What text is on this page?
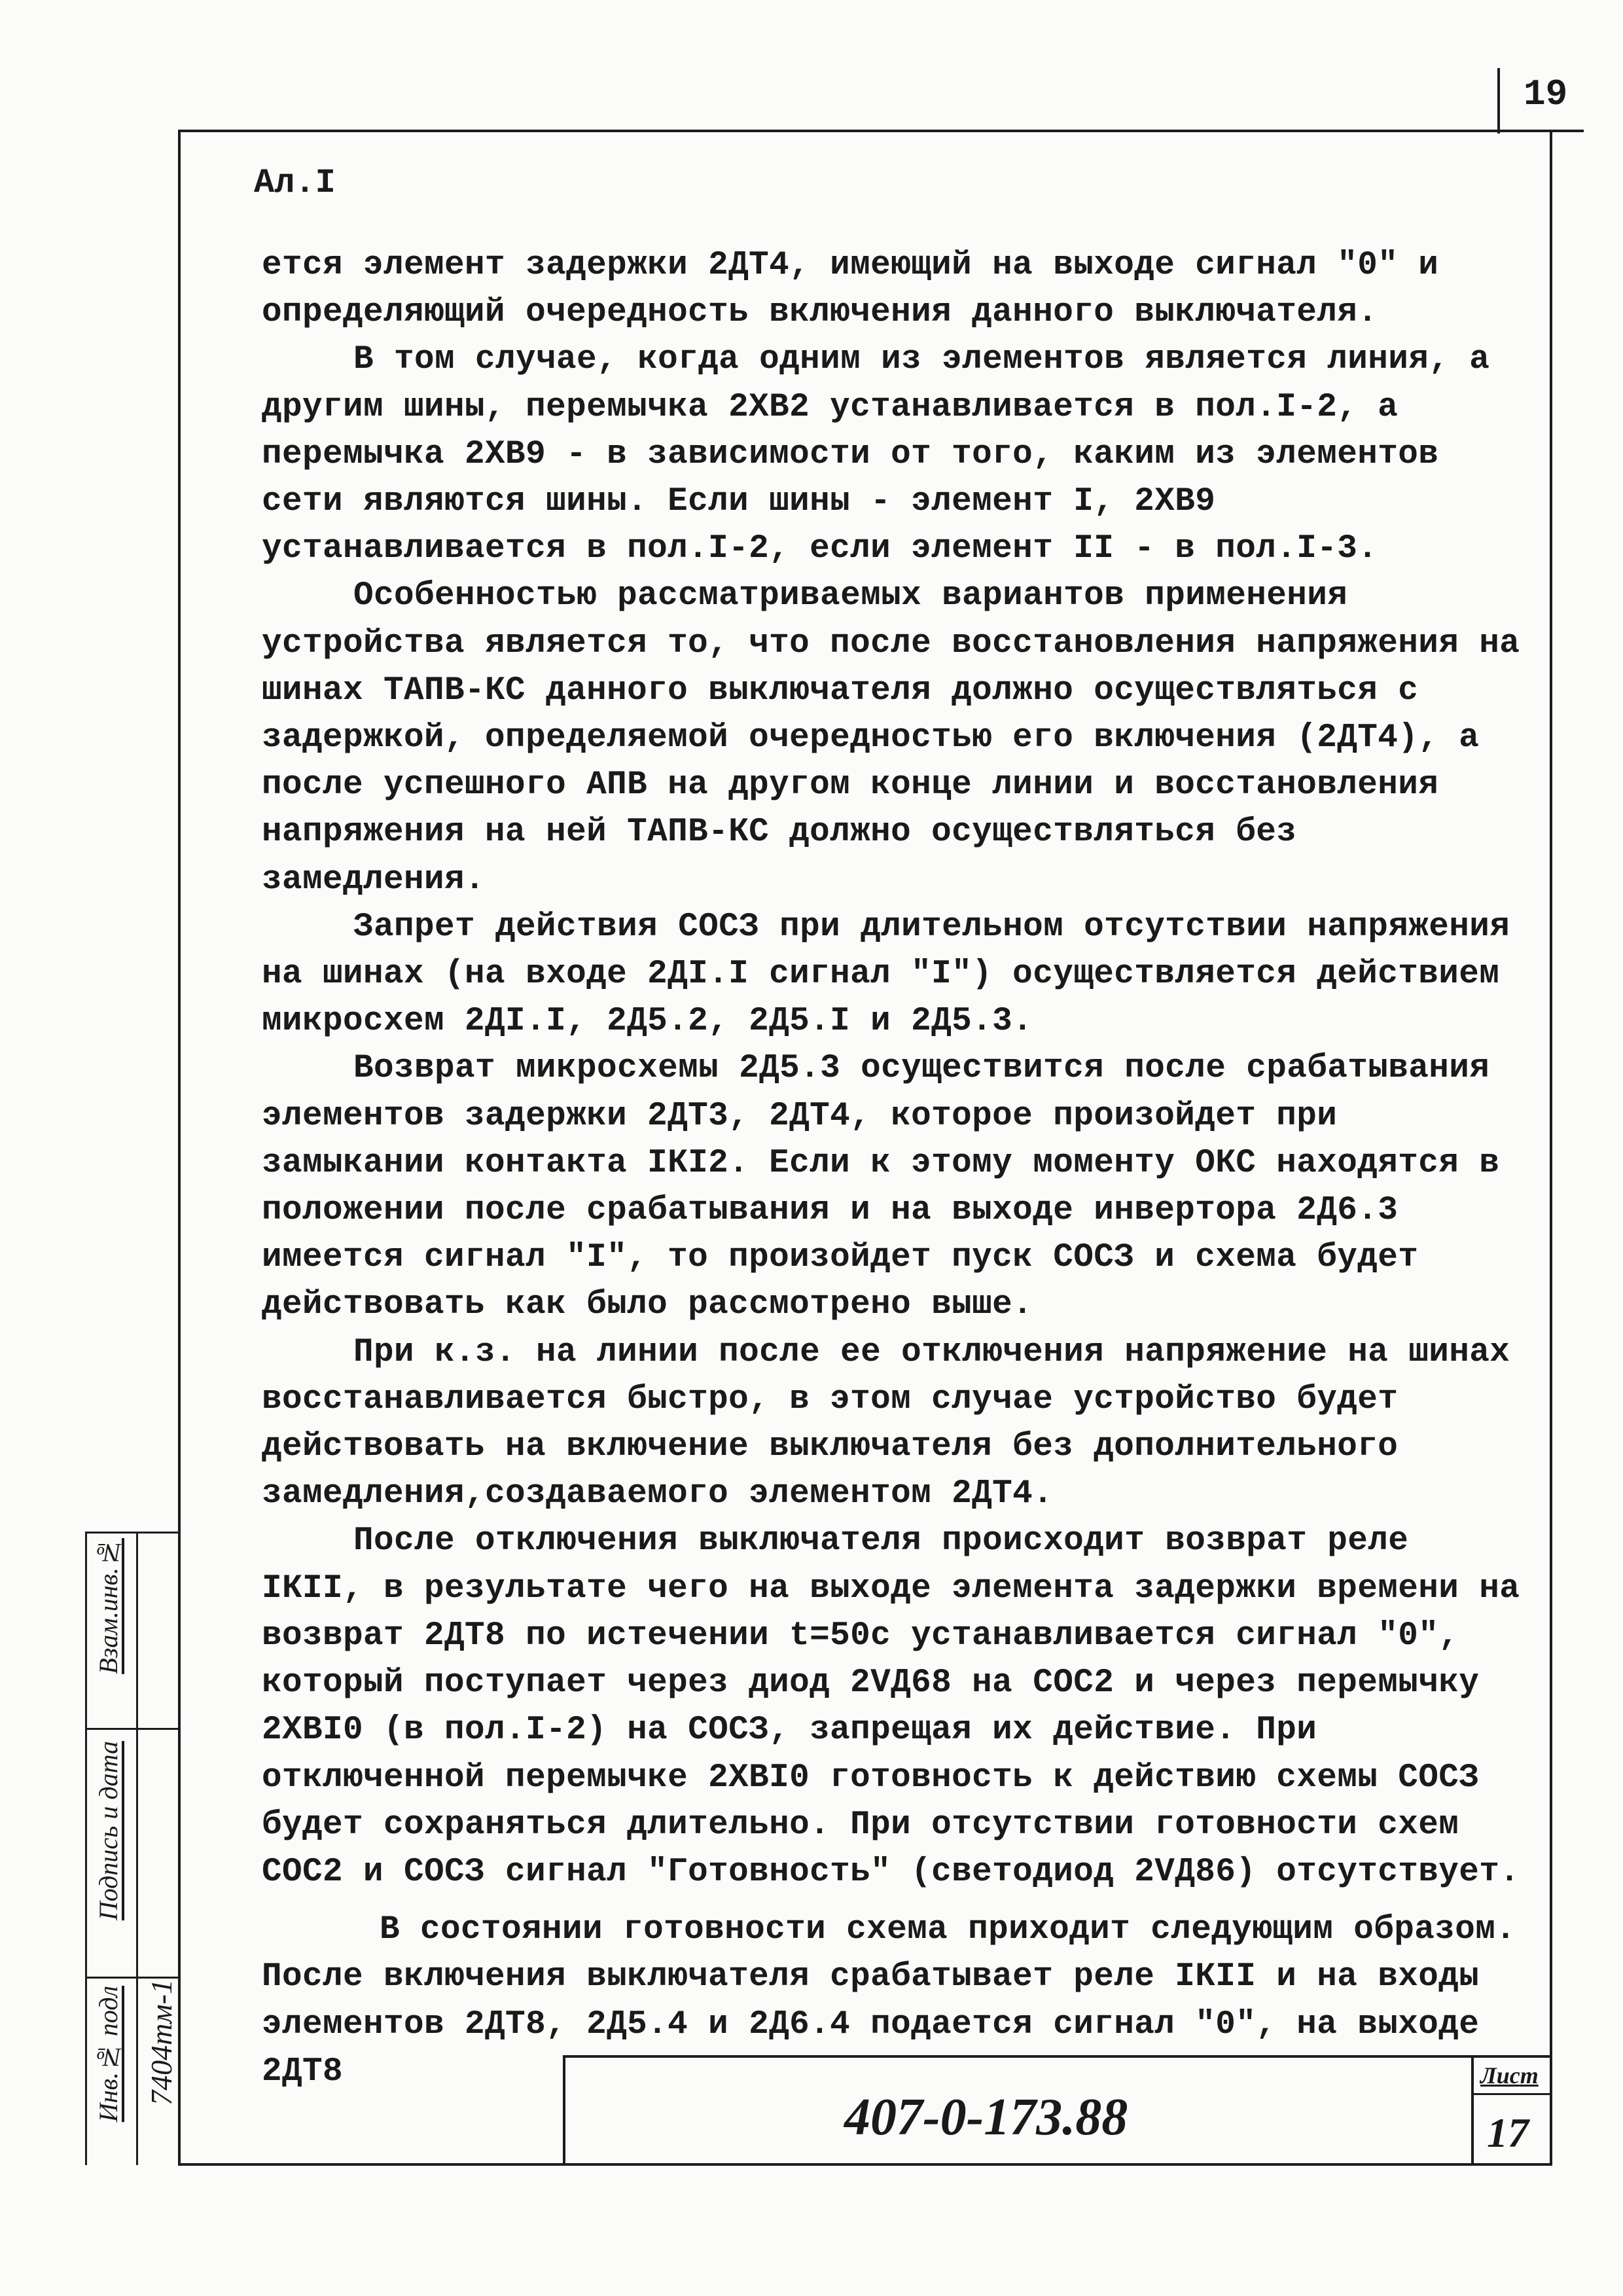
19
Ал.I

ется элемент задержки 2ДТ4, имеющий на выходе сигнал "0" и определяющий очередность включения данного выключателя.

В том случае, когда одним из элементов является линия, а другим шины, перемычка 2ХВ2 устанавливается в пол.I-2, а перемычка 2ХВ9 - в зависимости от того, каким из элементов сети являются шины. Если шины - элемент I, 2ХВ9 устанавливается в пол.I-2, если элемент II - в пол.I-3.

Особенностью рассматриваемых вариантов применения устройства является то, что после восстановления напряжения на шинах ТАПВ-КС данного выключателя должно осуществляться с задержкой, определяемой очередностью его включения (2ДТ4), а после успешного АПВ на другом конце линии и восстановления напряжения на ней ТАПВ-КС должно осуществляться без замедления.

Запрет действия СОСЗ при длительном отсутствии напряжения на шинах (на входе 2ДI.I сигнал "I") осуществляется действием микросхем 2ДI.I, 2Д5.2, 2Д5.I и 2Д5.3.

Возврат микросхемы 2Д5.3 осуществится после срабатывания элементов задержки 2ДТ3, 2ДТ4, которое произойдет при замыкании контакта IКI2. Если к этому моменту ОКС находятся в положении после срабатывания и на выходе инвертора 2Д6.3 имеется сигнал "I", то произойдет пуск СОСЗ и схема будет действовать как было рассмотрено выше.

При к.з. на линии после ее отключения напряжение на шинах восстанавливается быстро, в этом случае устройство будет действовать на включение выключателя без дополнительного замедления,создаваемого элементом 2ДТ4.

После отключения выключателя происходит возврат реле IКII, в результате чего на выходе элемента задержки времени на возврат 2ДТ8 по истечении t=50c устанавливается сигнал "0", который поступает через диод 2VД68 на СОС2 и через перемычку 2ХВI0 (в пол.I-2) на СОСЗ, запрещая их действие. При отключенной перемычке 2ХВI0 готовность к действию схемы СОСЗ будет сохраняться длительно. При отсутствии готовности схем СОС2 и СОСЗ сигнал "Готовность" (светодиод 2VД86) отсутствует.

В состоянии готовности схема приходит следующим образом. После включения выключателя срабатывает реле IКII и на входы элементов 2ДТ8, 2Д5.4 и 2Д6.4 подается сигнал "0", на выходе 2ДТ8

407-0-173.88
Лист
17
Взам.инв.№
Подпись и дата
Инв.№ подл 7404тм-1
